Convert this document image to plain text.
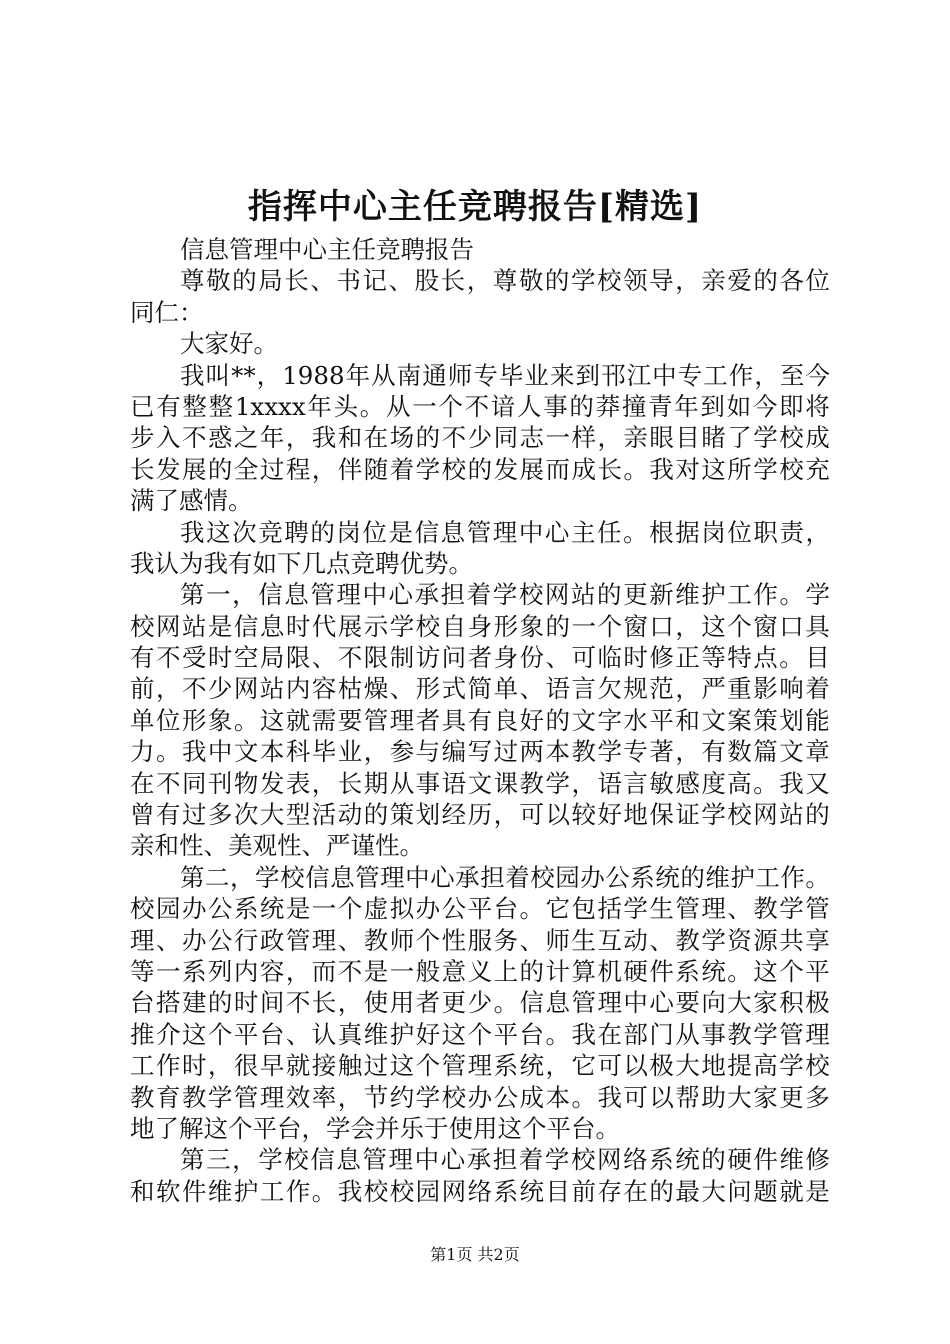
指挥中心主任竞聘报告[精选]
信息管理中心主任竞聘报告
尊 敬 的 局 长 、 书 记 、 股 长 ， 尊 敬 的 学 校 领 导 ， 亲 爱 的 各 位
同仁：
大家好。
我 叫 ** ， 1988 年 从 南 通 师 专 毕 业 来 到 邗 江 中 专 工 作 ， 至 今
已 有 整 整 1xxxx 年 头 。 从 一 个 不 谙 人 事 的 莽 撞 青 年 到 如 今 即 将
步 入 不 惑 之 年 ， 我 和 在 场 的 不 少 同 志 一 样 ， 亲 眼 目 睹 了 学 校 成
长 发 展 的 全 过 程 ， 伴 随 着 学 校 的 发 展 而 成 长 。 我 对 这 所 学 校 充
满了感情。
我 这 次 竞 聘 的 岗 位 是 信 息 管 理 中 心 主 任 。 根 据 岗 位 职 责 ，
我认为我有如下几点竞聘优势。
第 一 ， 信 息 管 理 中 心 承 担 着 学 校 网 站 的 更 新 维 护 工 作 。 学
校 网 站 是 信 息 时 代 展 示 学 校 自 身 形 象 的 一 个 窗 口 ， 这 个 窗 口 具
有 不 受 时 空 局 限 、 不 限 制 访 问 者 身 份 、 可 临 时 修 正 等 特 点 。 目
前 ， 不 少 网 站 内 容 枯 燥 、 形 式 简 单 、 语 言 欠 规 范 ， 严 重 影 响 着
单 位 形 象 。 这 就 需 要 管 理 者 具 有 良 好 的 文 字 水 平 和 文 案 策 划 能
力 。 我 中 文 本 科 毕 业 ， 参 与 编 写 过 两 本 教 学 专 著 ， 有 数 篇 文 章
在 不 同 刊 物 发 表 ， 长 期 从 事 语 文 课 教 学 ， 语 言 敏 感 度 高 。 我 又
曾 有 过 多 次 大 型 活 动 的 策 划 经 历 ， 可 以 较 好 地 保 证 学 校 网 站 的
亲和性、美观性、严谨性。
第 二 ， 学 校 信 息 管 理 中 心 承 担 着 校 园 办 公 系 统 的 维 护 工 作 。
校 园 办 公 系 统 是 一 个 虚 拟 办 公 平 台 。 它 包 括 学 生 管 理 、 教 学 管
理 、 办 公 行 政 管 理 、 教 师 个 性 服 务 、 师 生 互 动 、 教 学 资 源 共 享
等 一 系 列 内 容 ， 而 不 是 一 般 意 义 上 的 计 算 机 硬 件 系 统 。 这 个 平
台 搭 建 的 时 间 不 长 ， 使 用 者 更 少 。 信 息 管 理 中 心 要 向 大 家 积 极
推 介 这 个 平 台 、 认 真 维 护 好 这 个 平 台 。 我 在 部 门 从 事 教 学 管 理
工 作 时 ， 很 早 就 接 触 过 这 个 管 理 系 统 ， 它 可 以 极 大 地 提 高 学 校
教 育 教 学 管 理 效 率 ， 节 约 学 校 办 公 成 本 。 我 可 以 帮 助 大 家 更 多
地了解这个平台，学会并乐于使用这个平台。
第 三 ， 学 校 信 息 管 理 中 心 承 担 着 学 校 网 络 系 统 的 硬 件 维 修
和 软 件 维 护 工 作 。 我 校 校 园 网 络 系 统 目 前 存 在 的 最 大 问 题 就 是
第1页 共2页
